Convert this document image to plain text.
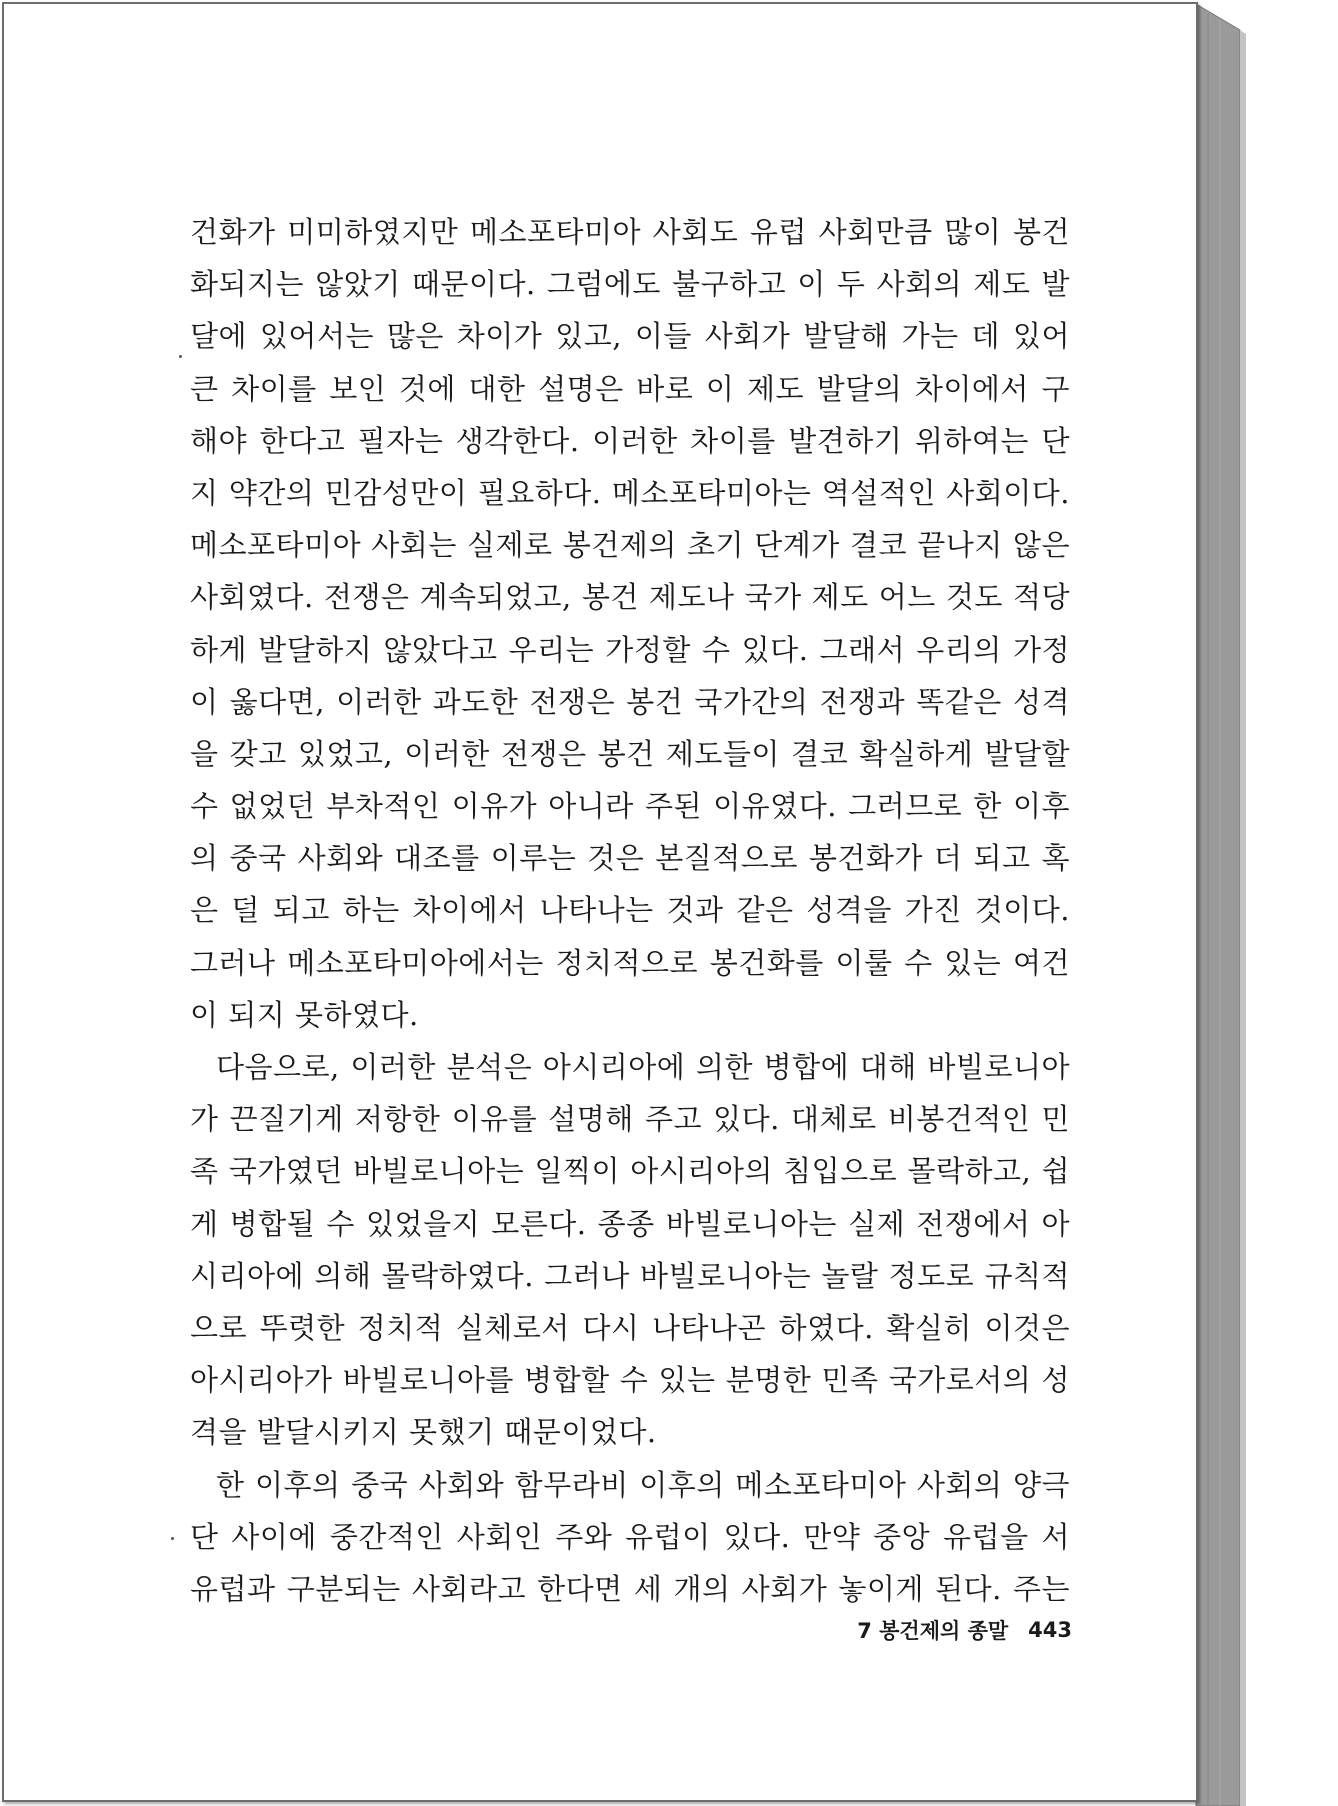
건화가 미미하였지만 메소포타미아 사회도 유럽 사회만큼 많이 봉건
화되지는 않았기 때문이다. 그럼에도 불구하고 이 두 사회의 제도 발
달에 있어서는 많은 차이가 있고, 이들 사회가 발달해 가는 데 있어
큰 차이를 보인 것에 대한 설명은 바로 이 제도 발달의 차이에서 구
해야 한다고 필자는 생각한다. 이러한 차이를 발견하기 위하여는 단
지 약간의 민감성만이 필요하다. 메소포타미아는 역설적인 사회이다.
메소포타미아 사회는 실제로 봉건제의 초기 단계가 결코 끝나지 않은
사회였다. 전쟁은 계속되었고, 봉건 제도나 국가 제도 어느 것도 적당
하게 발달하지 않았다고 우리는 가정할 수 있다. 그래서 우리의 가정
이 옳다면, 이러한 과도한 전쟁은 봉건 국가간의 전쟁과 똑같은 성격
을 갖고 있었고, 이러한 전쟁은 봉건 제도들이 결코 확실하게 발달할
수 없었던 부차적인 이유가 아니라 주된 이유였다. 그러므로 한 이후
의 중국 사회와 대조를 이루는 것은 본질적으로 봉건화가 더 되고 혹
은 덜 되고 하는 차이에서 나타나는 것과 같은 성격을 가진 것이다.
그러나 메소포타미아에서는 정치적으로 봉건화를 이룰 수 있는 여건
이 되지 못하였다.
다음으로, 이러한 분석은 아시리아에 의한 병합에 대해 바빌로니아
가 끈질기게 저항한 이유를 설명해 주고 있다. 대체로 비봉건적인 민
족 국가였던 바빌로니아는 일찍이 아시리아의 침입으로 몰락하고, 쉽
게 병합될 수 있었을지 모른다. 종종 바빌로니아는 실제 전쟁에서 아
시리아에 의해 몰락하였다. 그러나 바빌로니아는 놀랄 정도로 규칙적
으로 뚜렷한 정치적 실체로서 다시 나타나곤 하였다. 확실히 이것은
아시리아가 바빌로니아를 병합할 수 있는 분명한 민족 국가로서의 성
격을 발달시키지 못했기 때문이었다.
한 이후의 중국 사회와 함무라비 이후의 메소포타미아 사회의 양극
단 사이에 중간적인 사회인 주와 유럽이 있다. 만약 중앙 유럽을 서
유럽과 구분되는 사회라고 한다면 세 개의 사회가 놓이게 된다. 주는
7 봉건제의 종말 443
